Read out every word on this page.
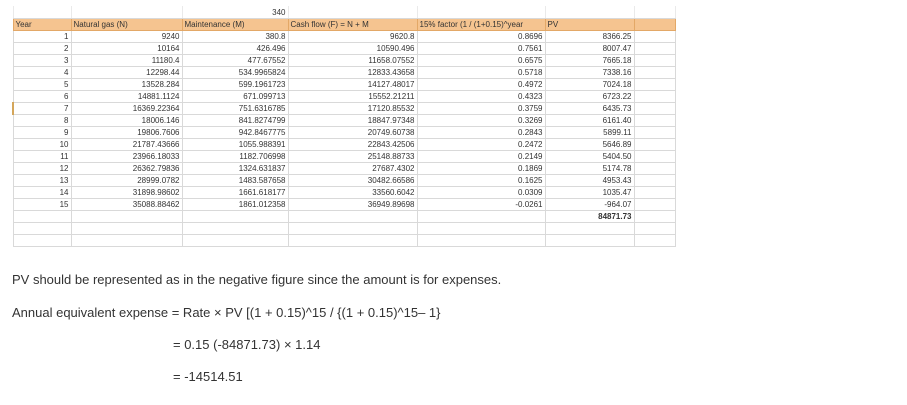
		340				
Year	Natural gas (N)	Maintenance (M)	Cash flow (F) = N + M	15% factor (1 / (1+0.15)^year	PV	
1	9240	380.8	9620.8	0.8696	8366.25	
2	10164	426.496	10590.496	0.7561	8007.47	
3	11180.4	477.67552	11658.07552	0.6575	7665.18	
4	12298.44	534.9965824	12833.43658	0.5718	7338.16	
5	13528.284	599.1961723	14127.48017	0.4972	7024.18	
6	14881.1124	671.099713	15552.21211	0.4323	6723.22	
7	16369.22364	751.6316785	17120.85532	0.3759	6435.73	
8	18006.146	841.8274799	18847.97348	0.3269	6161.40	
9	19806.7606	942.8467775	20749.60738	0.2843	5899.11	
10	21787.43666	1055.988391	22843.42506	0.2472	5646.89	
11	23966.18033	1182.706998	25148.88733	0.2149	5404.50	
12	26362.79836	1324.631837	27687.4302	0.1869	5174.78	
13	28999.0782	1483.587658	30482.66586	0.1625	4953.43	
14	31898.98602	1661.618177	33560.6042	0.0309	1035.47	
15	35088.88462	1861.012358	36949.89698	-0.0261	-964.07	
					84871.73	

PV should be represented as in the negative figure since the amount is for expenses.
Annual equivalent expense = Rate × PV [(1 + 0.15)^15 / {(1 + 0.15)^15– 1}
= 0.15 (-84871.73) × 1.14
= -14514.51
